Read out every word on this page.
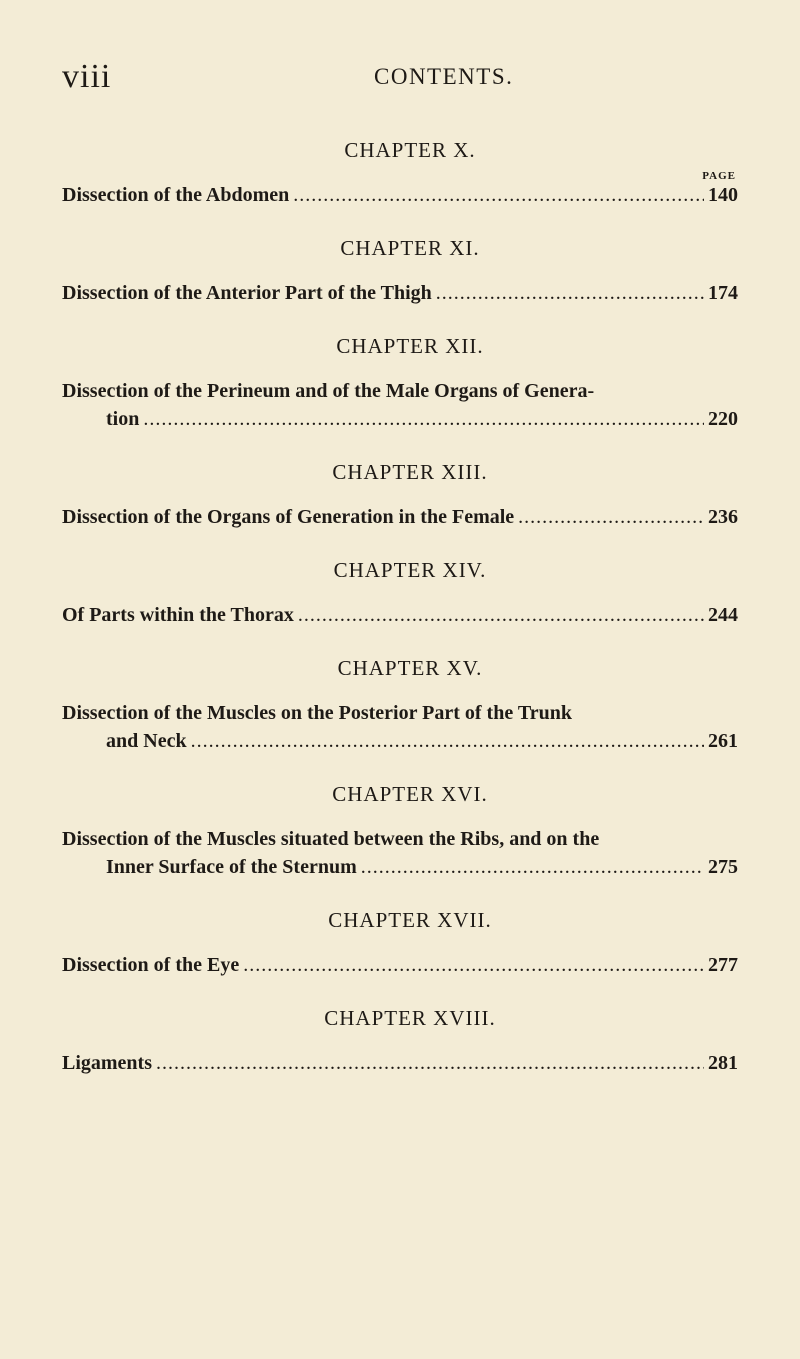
viii	CONTENTS.
CHAPTER X.
PAGE
Dissection of the Abdomen .....	140
CHAPTER XI.
Dissection of the Anterior Part of the Thigh .....	174
CHAPTER XII.
Dissection of the Perineum and of the Male Organs of Genera-
tion .....	220
CHAPTER XIII.
Dissection of the Organs of Generation in the Female .....	236
CHAPTER XIV.
Of Parts within the Thorax .....	244
CHAPTER XV.
Dissection of the Muscles on the Posterior Part of the Trunk
and Neck .....	261
CHAPTER XVI.
Dissection of the Muscles situated between the Ribs, and on the
Inner Surface of the Sternum .....	275
CHAPTER XVII.
Dissection of the Eye .....	277
CHAPTER XVIII.
Ligaments .....	281
